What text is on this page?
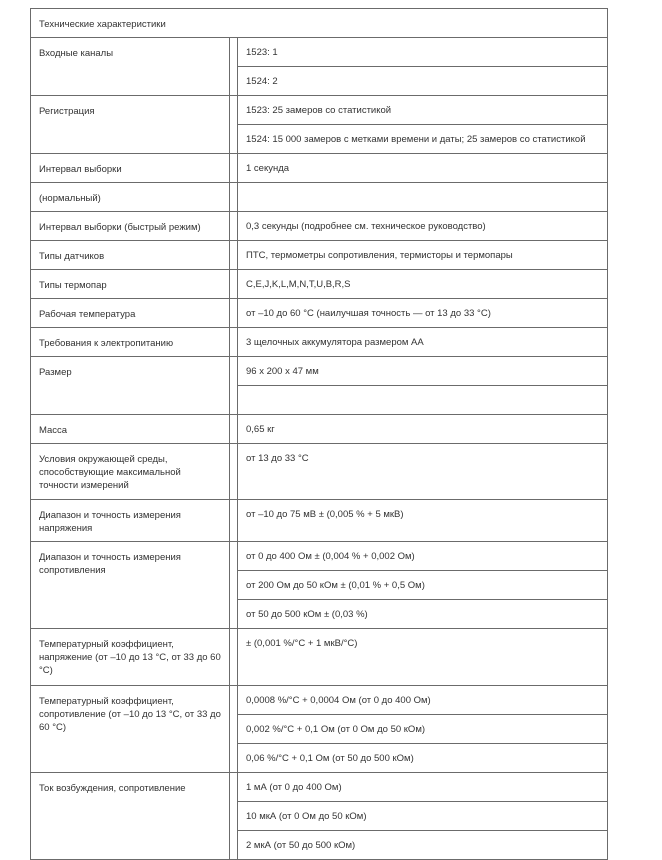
Технические характеристики		
Входные каналы		1523: 1
		1524: 2
Регистрация		1523: 25 замеров со статистикой
		1524: 15 000 замеров с метками времени и даты; 25 замеров со статистикой
Интервал выборки		1 секунда
(нормальный)		
Интервал выборки (быстрый режим)		0,3 секунды (подробнее см. техническое руководство)
Типы датчиков		ПТС, термометры сопротивления, термисторы и термопары
Типы термопар		C,E,J,K,L,M,N,T,U,B,R,S
Рабочая температура		от –10 до 60 °C (наилучшая точность — от 13 до 33 °C)
Требования к электропитанию		3 щелочных аккумулятора размером АА
Размер		96 x 200 x 47 мм

Масса		0,65 кг
Условия окружающей среды, способствующие максимальной точности измерений		от 13 до 33 °C
Диапазон и точность измерения напряжения		от –10 до 75 мВ ± (0,005 % + 5 мкВ)
Диапазон и точность измерения сопротивления		от 0 до 400 Ом ± (0,004 % + 0,002 Ом)
		от 200 Ом до 50 кОм ± (0,01 % + 0,5 Ом)
		от 50 до 500 кОм ± (0,03 %)
Температурный коэффициент, напряжение (от –10 до 13 °C, от 33 до 60 °C)		± (0,001 %/°C + 1 мкВ/°C)
Температурный коэффициент, сопротивление (от –10 до 13 °C, от 33 до 60 °C)		0,0008 %/°C + 0,0004 Ом (от 0 до 400 Ом)
		0,002 %/°C + 0,1 Ом (от 0 Ом до 50 кОм)
		0,06 %/°C + 0,1 Ом (от 50 до 500 кОм)
Ток возбуждения, сопротивление		1 мА (от 0 до 400 Ом)
		10 мкА (от 0 Ом до 50 кОм)
		2 мкА (от 50 до 500 кОм)
